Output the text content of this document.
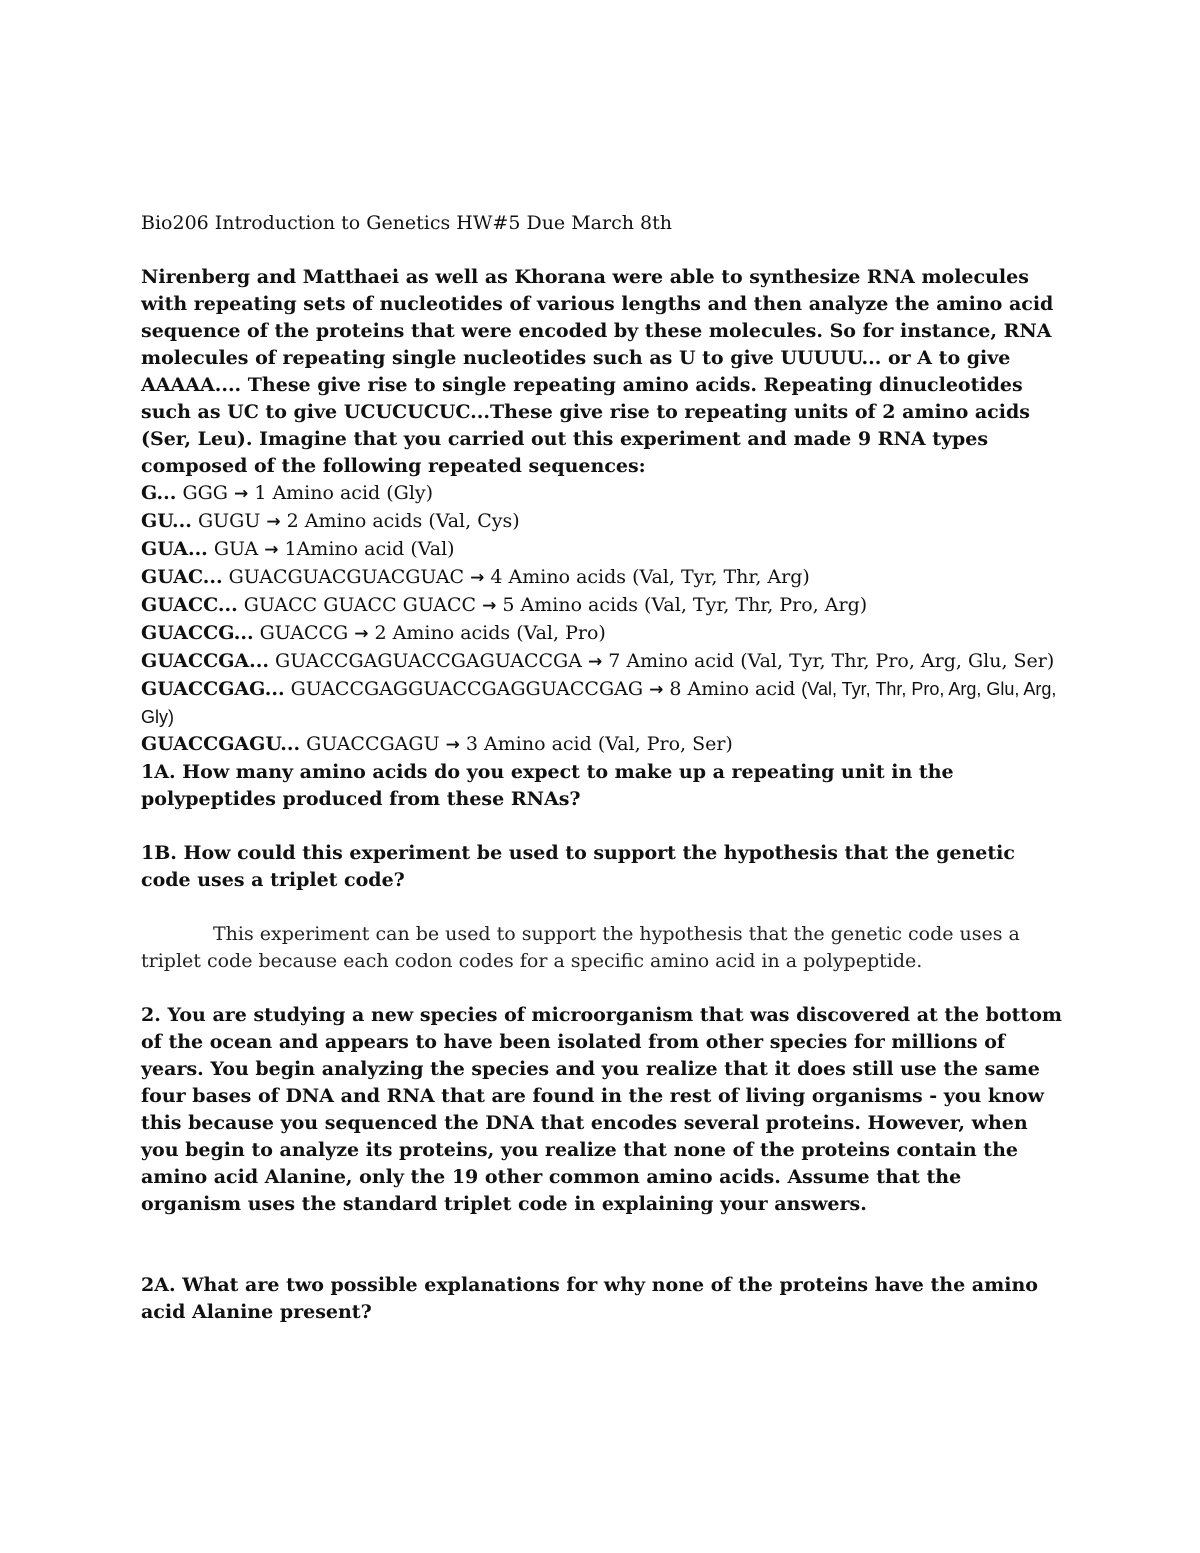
Bio206 Introduction to Genetics HW#5 Due March 8th

Nirenberg and Matthaei as well as Khorana were able to synthesize RNA molecules with repeating sets of nucleotides of various lengths and then analyze the amino acid sequence of the proteins that were encoded by these molecules. So for instance, RNA molecules of repeating single nucleotides such as U to give UUUUU... or A to give AAAAA.... These give rise to single repeating amino acids. Repeating dinucleotides such as UC to give UCUCUCUC...These give rise to repeating units of 2 amino acids (Ser, Leu). Imagine that you carried out this experiment and made 9 RNA types composed of the following repeated sequences:

G... GGG → 1 Amino acid (Gly)
GU... GUGU → 2 Amino acids (Val, Cys)
GUA... GUA → 1Amino acid (Val)
GUAC... GUACGUACGUACGUAC → 4 Amino acids (Val, Tyr, Thr, Arg)
GUACC... GUACC GUACC GUACC → 5 Amino acids (Val, Tyr, Thr, Pro, Arg)
GUACCG... GUACCG → 2 Amino acids (Val, Pro)
GUACCGA... GUACCGAGUACCGAGUACCGA → 7 Amino acid (Val, Tyr, Thr, Pro, Arg, Glu, Ser)
GUACCGAG... GUACCGAGGUACCGAGGUACCGAG → 8 Amino acid (Val, Tyr, Thr, Pro, Arg, Glu, Arg, Gly)
GUACCGAGU... GUACCGAGU → 3 Amino acid (Val, Pro, Ser)

1A. How many amino acids do you expect to make up a repeating unit in the polypeptides produced from these RNAs?

1B. How could this experiment be used to support the hypothesis that the genetic code uses a triplet code?

This experiment can be used to support the hypothesis that the genetic code uses a triplet code because each codon codes for a specific amino acid in a polypeptide.

2. You are studying a new species of microorganism that was discovered at the bottom of the ocean and appears to have been isolated from other species for millions of years. You begin analyzing the species and you realize that it does still use the same four bases of DNA and RNA that are found in the rest of living organisms - you know this because you sequenced the DNA that encodes several proteins. However, when you begin to analyze its proteins, you realize that none of the proteins contain the amino acid Alanine, only the 19 other common amino acids. Assume that the organism uses the standard triplet code in explaining your answers.

2A. What are two possible explanations for why none of the proteins have the amino acid Alanine present?
